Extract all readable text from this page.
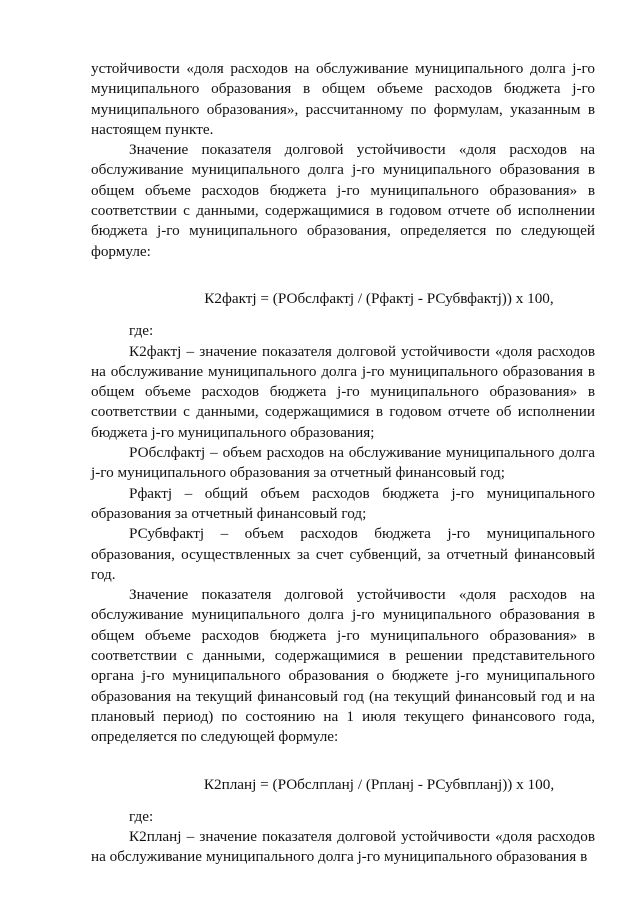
устойчивости «доля расходов на обслуживание муниципального долга j-го муниципального образования в общем объеме расходов бюджета j-го муниципального образования», рассчитанному по формулам, указанным в настоящем пункте.

Значение показателя долговой устойчивости «доля расходов на обслуживание муниципального долга j-го муниципального образования в общем объеме расходов бюджета j-го муниципального образования» в соответствии с данными, содержащимися в годовом отчете об исполнении бюджета j-го муниципального образования, определяется по следующей формуле:

К2фактj = (РОбслфактj / (Рфактj - РСубвфактj)) х 100,

где:

К2фактj – значение показателя долговой устойчивости «доля расходов на обслуживание муниципального долга j-го муниципального образования в общем объеме расходов бюджета j-го муниципального образования» в соответствии с данными, содержащимися в годовом отчете об исполнении бюджета j-го муниципального образования;

РОбслфактj – объем расходов на обслуживание муниципального долга j-го муниципального образования за отчетный финансовый год;

Рфактj – общий объем расходов бюджета j-го муниципального образования за отчетный финансовый год;

РСубвфактj – объем расходов бюджета j-го муниципального образования, осуществленных за счет субвенций, за отчетный финансовый год.

Значение показателя долговой устойчивости «доля расходов на обслуживание муниципального долга j-го муниципального образования в общем объеме расходов бюджета j-го муниципального образования» в соответствии с данными, содержащимися в решении представительного органа j-го муниципального образования о бюджете j-го муниципального образования на текущий финансовый год (на текущий финансовый год и на плановый период) по состоянию на 1 июля текущего финансового года, определяется по следующей формуле:

К2планj = (РОбслпланj / (Рпланj - РСубвпланj)) х 100,

где:

К2планj – значение показателя долговой устойчивости «доля расходов на обслуживание муниципального долга j-го муниципального образования в
